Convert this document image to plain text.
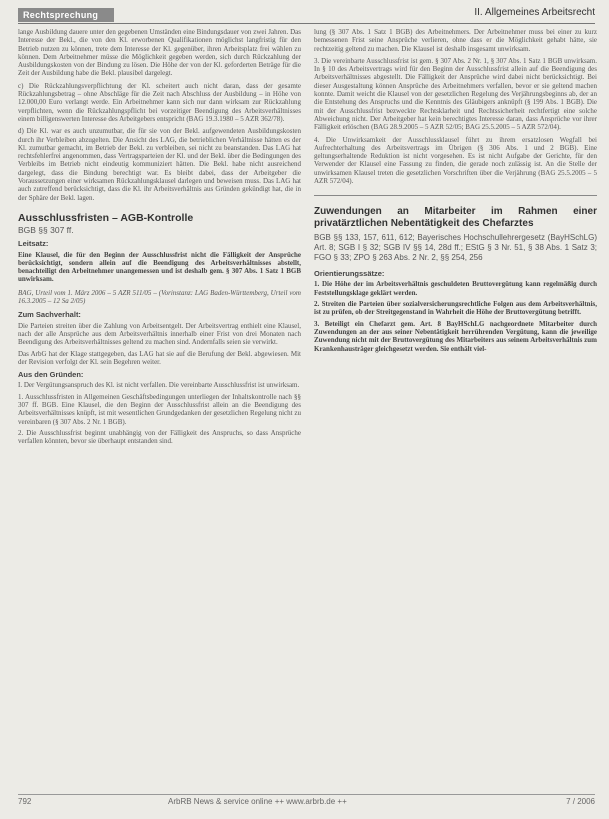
Rechtsprechung	II. Allgemeines Arbeitsrecht

lange Ausbildung dauere unter den gegebenen Umständen eine Bindungsdauer von zwei Jahren. Das Interesse der Bekl., die von den Kl. erworbenen Qualifikationen möglichst langfristig für den Betrieb nutzen zu können, trete dem Interesse der Kl. gegenüber, ihren Arbeitsplatz frei wählen zu können. Dem Arbeitnehmer müsse die Möglichkeit gegeben werden, sich durch Rückzahlung der Ausbildungskosten von der Bindung zu lösen. Die Höhe der von der Kl. geforderten Beträge für die Zeit der Ausbildung habe die Bekl. plausibel dargelegt.

c) Die Rückzahlungsverpflichtung der Kl. scheitert auch nicht daran, dass der gesamte Rückzahlungsbetrag – ohne Abschläge für die Zeit nach Abschluss der Ausbildung – in Höhe von 12.000,00 Euro verlangt werde. Ein Arbeitnehmer kann sich nur dann wirksam zur Rückzahlung verpflichten, wenn die Rückzahlungspflicht bei vorzeitiger Beendigung des Arbeitsverhältnisses einem billigenswerten Interesse des Arbeitgebers entspricht (BAG 19.3.1980 – 5 AZR 362/78).

d) Die Kl. war es auch unzumutbar, die für sie von der Bekl. aufgewendeten Ausbildungskosten durch ihr Verbleiben abzugelten. Die Ansicht des LAG, die betrieblichen Verhältnisse hätten es der Kl. zumutbar gemacht, im Betrieb der Bekl. zu verbleiben, sei nicht zu beanstanden. Das LAG hat rechtsfehlerfrei angenommen, dass Vertragsparteien der Kl. und der Bekl. über die Bedingungen des Verbleibs im Betrieb nicht eindeutig kommuniziert hätten. Die Bekl. habe nicht ausreichend dargelegt, dass die Bindung berechtigt war. Es bleibt dabei, dass der Arbeitgeber die Voraussetzungen einer wirksamen Rückzahlungsklausel darlegen und beweisen muss. Das LAG hat auch zutreffend berücksichtigt, dass die Kl. ihr Arbeitsverhältnis aus Gründen gekündigt hat, die in der Sphäre der Bekl. lagen.

Ausschlussfristen – AGB-Kontrolle
BGB §§ 307 ff.
Leitsatz:

Eine Klausel, die für den Beginn der Ausschlussfrist nicht die Fälligkeit der Ansprüche berücksichtigt, sondern allein auf die Beendigung des Arbeitsverhältnisses abstellt, benachteiligt den Arbeitnehmer unangemessen und ist deshalb gem. § 307 Abs. 1 Satz 1 BGB unwirksam.

BAG, Urteil vom 1. März 2006 – 5 AZR 511/05 – (Vorinstanz: LAG Baden-Württemberg, Urteil vom 16.3.2005 – 12 Sa 2/05)

Zum Sachverhalt:

Die Parteien streiten über die Zahlung von Arbeitsentgelt. Der Arbeitsvertrag enthielt eine Klausel, nach der alle Ansprüche aus dem Arbeitsverhältnis innerhalb einer Frist von drei Monaten nach Beendigung des Arbeitsverhältnisses geltend zu machen sind. Andernfalls seien sie verwirkt.

Das ArbG hat der Klage stattgegeben, das LAG hat sie auf die Berufung der Bekl. abgewiesen. Mit der Revision verfolgt der Kl. sein Begehren weiter.

Aus den Gründen:

I. Der Vergütungsanspruch des Kl. ist nicht verfallen. Die vereinbarte Ausschlussfrist ist unwirksam.

1. Ausschlussfristen in Allgemeinen Geschäftsbedingungen unterliegen der Inhaltskontrolle nach §§ 307 ff. BGB. Eine Klausel, die den Beginn der Ausschlussfrist allein an die Beendigung des Arbeitsverhältnisses knüpft, ist mit wesentlichen Grundgedanken der gesetzlichen Regelung nicht zu vereinbaren (§ 307 Abs. 2 Nr. 1 BGB).

2. Die Ausschlussfrist beginnt unabhängig von der Fälligkeit des Anspruchs, so dass Ansprüche verfallen könnten, bevor sie überhaupt entstanden sind.

lung (§ 307 Abs. 1 Satz 1 BGB) des Arbeitnehmers. Der Arbeitnehmer muss bei einer zu kurz bemessenen Frist seine Ansprüche verlieren, ohne dass er die Möglichkeit gehabt hätte, sie rechtzeitig geltend zu machen. Die Klausel ist deshalb insgesamt unwirksam.

3. Die vereinbarte Ausschlussfrist ist gem. § 307 Abs. 2 Nr. 1, § 307 Abs. 1 Satz 1 BGB unwirksam. In § 10 des Arbeitsvertrags wird für den Beginn der Ausschlussfrist allein auf die Beendigung des Arbeitsverhältnisses abgestellt. Die Fälligkeit der Ansprüche wird dabei nicht berücksichtigt. Bei dieser Ausgestaltung können Ansprüche des Arbeitnehmers verfallen, bevor er sie geltend machen konnte. Damit weicht die Klausel von der gesetzlichen Regelung des Verjährungsbeginns ab, der an die Entstehung des Anspruchs und die Kenntnis des Gläubigers anknüpft (§ 199 Abs. 1 BGB). Die mit der Ausschlussfrist bezweckte Rechtsklarheit und Rechtssicherheit rechtfertigt eine solche Abweichung nicht. Der Arbeitgeber hat kein berechtigtes Interesse daran, dass Ansprüche vor ihrer Fälligkeit erlöschen (BAG 28.9.2005 – 5 AZR 52/05; BAG 25.5.2005 – 5 AZR 572/04).

4. Die Unwirksamkeit der Ausschlussklausel führt zu ihrem ersatzlosen Wegfall bei Aufrechterhaltung des Arbeitsvertrags im Übrigen (§ 306 Abs. 1 und 2 BGB). Eine geltungserhaltende Reduktion ist nicht vorgesehen. Es ist nicht Aufgabe der Gerichte, für den Verwender der Klausel eine Fassung zu finden, die gerade noch zulässig ist. An die Stelle der unwirksamen Klausel treten die gesetzlichen Vorschriften über die Verjährung (BAG 25.5.2005 – 5 AZR 572/04).

Zuwendungen an Mitarbeiter im Rahmen einer privatärztlichen Nebentätigkeit des Chefarztes
BGB §§ 133, 157, 611, 612; Bayerisches Hochschullehrergesetz (BayHSchLG) Art. 8; SGB I § 32; SGB IV §§ 14, 28d ff.; EStG § 3 Nr. 51, § 38 Abs. 1 Satz 3; FGO § 33; ZPO § 263 Abs. 2 Nr. 2, §§ 254, 256
Orientierungssätze:

1. Die Höhe der im Arbeitsverhältnis geschuldeten Bruttovergütung kann regelmäßig durch Feststellungsklage geklärt werden.

2. Streiten die Parteien über sozialversicherungsrechtliche Folgen aus dem Arbeitsverhältnis, ist zu prüfen, ob der Streitgegenstand in Wahrheit die Höhe der Bruttovergütung betrifft.

3. Beteiligt ein Chefarzt gem. Art. 8 BayHSchLG nachgeordnete Mitarbeiter durch Zuwendungen an der aus seiner Nebentätigkeit herrührenden Vergütung, kann die jeweilige Zuwendung nicht mit der Bruttovergütung des Mitarbeiters aus seinem Arbeitsverhältnis zum Krankenhausträger gleichgesetzt werden. Sie enthält viel-

792	ArbRB News & service online ++ www.arbrb.de ++	7 / 2006
